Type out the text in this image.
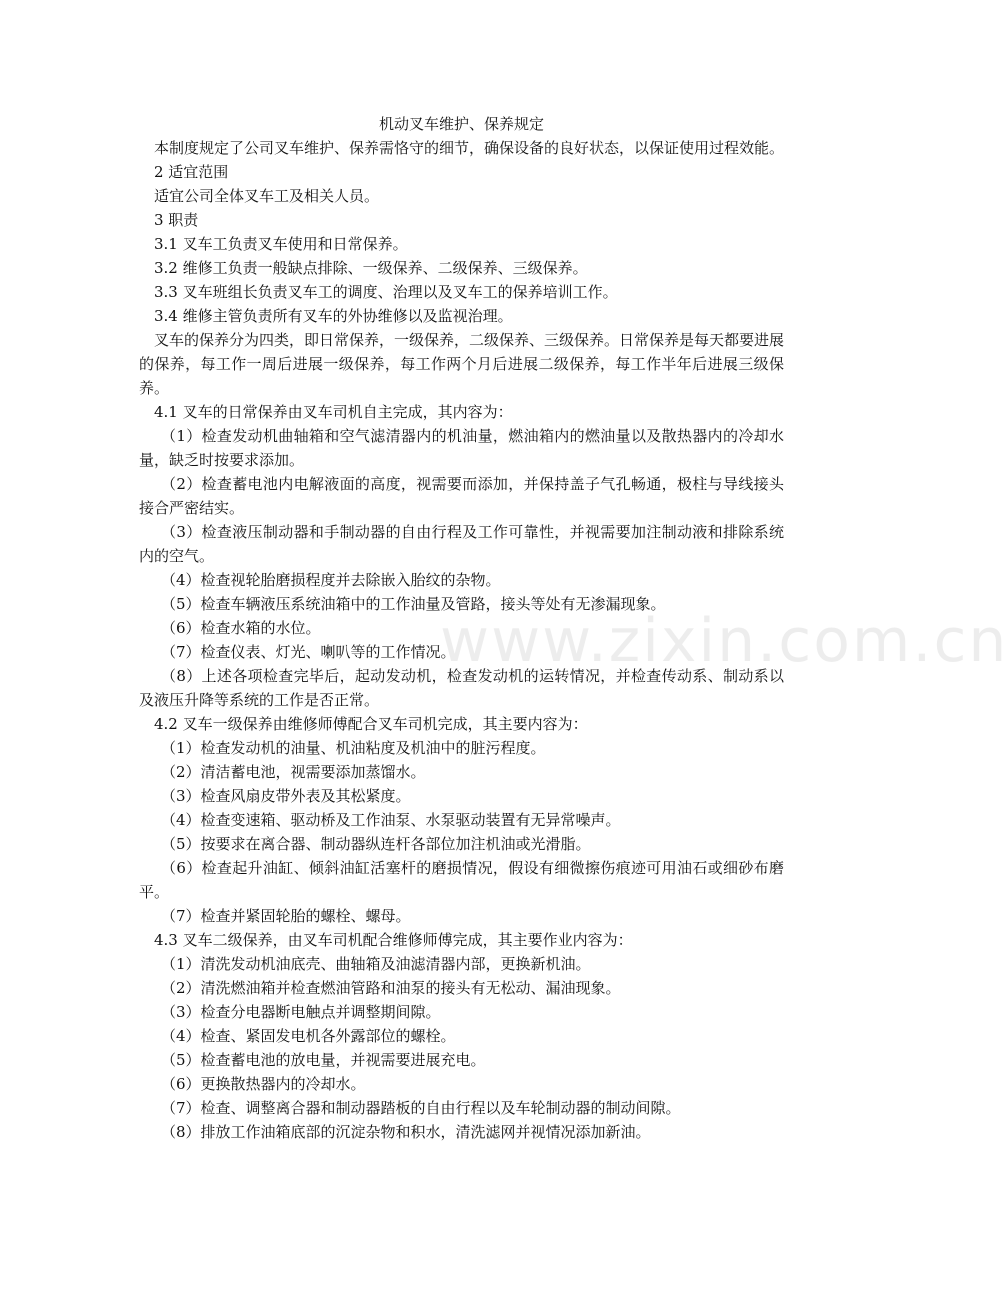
www.zixin.com.cn

机动叉车维护、保养规定

本制度规定了公司叉车维护、保养需恪守的细节，确保设备的良好状态，以保证使用过程效能。

2 适宜范围

适宜公司全体叉车工及相关人员。

3 职责

3.1 叉车工负责叉车使用和日常保养。

3.2 维修工负责一般缺点排除、一级保养、二级保养、三级保养。

3.3 叉车班组长负责叉车工的调度、治理以及叉车工的保养培训工作。

3.4 维修主管负责所有叉车的外协维修以及监视治理。

叉车的保养分为四类，即日常保养，一级保养，二级保养、三级保养。日常保养是每天都要进展的保养，每工作一周后进展一级保养，每工作两个月后进展二级保养，每工作半年后进展三级保养。

4.1 叉车的日常保养由叉车司机自主完成，其内容为：

（1）检查发动机曲轴箱和空气滤清器内的机油量，燃油箱内的燃油量以及散热器内的冷却水量，缺乏时按要求添加。

（2）检查蓄电池内电解液面的高度，视需要而添加，并保持盖子气孔畅通，极柱与导线接头接合严密结实。

（3）检查液压制动器和手制动器的自由行程及工作可靠性，并视需要加注制动液和排除系统内的空气。

（4）检查视轮胎磨损程度并去除嵌入胎纹的杂物。

（5）检查车辆液压系统油箱中的工作油量及管路，接头等处有无渗漏现象。

（6）检查水箱的水位。

（7）检查仪表、灯光、喇叭等的工作情况。

（8）上述各项检查完毕后，起动发动机，检查发动机的运转情况，并检查传动系、制动系以及液压升降等系统的工作是否正常。

4.2 叉车一级保养由维修师傅配合叉车司机完成，其主要内容为：

（1）检查发动机的油量、机油粘度及机油中的脏污程度。

（2）清洁蓄电池，视需要添加蒸馏水。

（3）检查风扇皮带外表及其松紧度。

（4）检查变速箱、驱动桥及工作油泵、水泵驱动装置有无异常噪声。

（5）按要求在离合器、制动器纵连杆各部位加注机油或光滑脂。

（6）检查起升油缸、倾斜油缸活塞杆的磨损情况，假设有细微擦伤痕迹可用油石或细砂布磨平。

（7）检查并紧固轮胎的螺栓、螺母。

4.3 叉车二级保养，由叉车司机配合维修师傅完成，其主要作业内容为：

（1）清洗发动机油底壳、曲轴箱及油滤清器内部，更换新机油。

（2）清洗燃油箱并检查燃油管路和油泵的接头有无松动、漏油现象。

（3）检查分电器断电触点并调整期间隙。

（4）检查、紧固发电机各外露部位的螺栓。

（5）检查蓄电池的放电量，并视需要进展充电。

（6）更换散热器内的冷却水。

（7）检查、调整离合器和制动器踏板的自由行程以及车轮制动器的制动间隙。

（8）排放工作油箱底部的沉淀杂物和积水，清洗滤网并视情况添加新油。
